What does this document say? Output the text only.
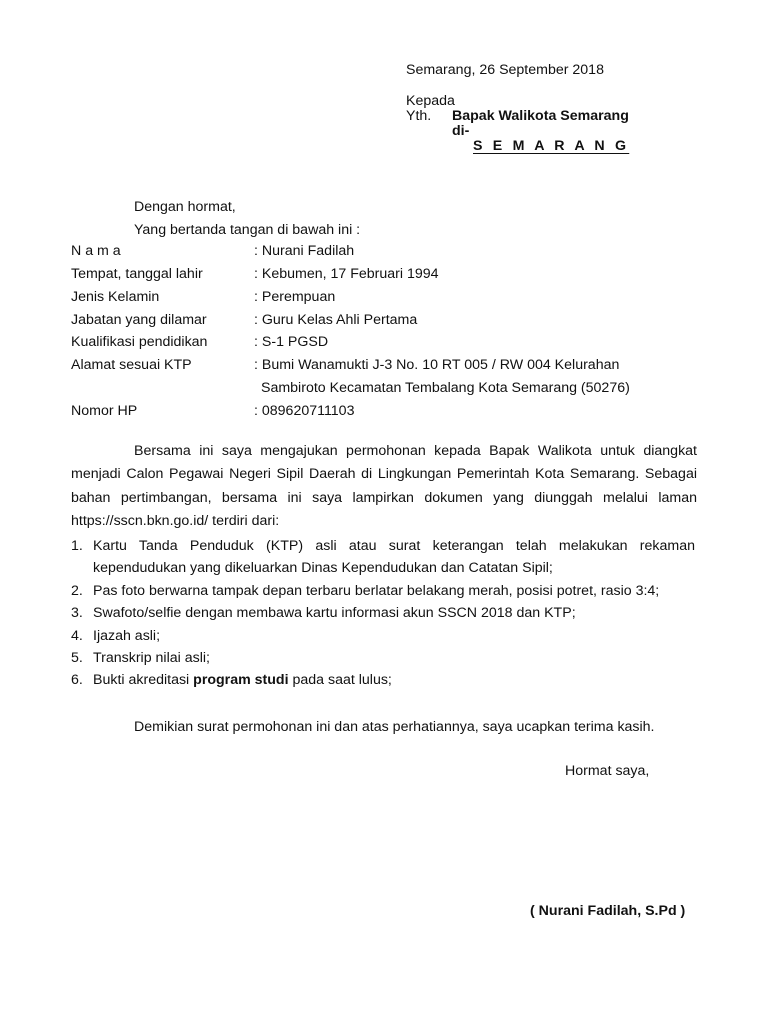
Semarang, 26 September 2018
Kepada
Yth. Bapak Walikota Semarang
di-
S E M A R A N G
Dengan hormat,
Yang bertanda tangan di bawah ini :
N a m a	: Nurani Fadilah
Tempat, tanggal lahir	: Kebumen, 17 Februari 1994
Jenis Kelamin	: Perempuan
Jabatan yang dilamar	: Guru Kelas Ahli Pertama
Kualifikasi pendidikan	: S-1 PGSD
Alamat sesuai KTP	: Bumi Wanamukti J-3 No. 10 RT 005 / RW 004 Kelurahan
Sambiroto Kecamatan Tembalang Kota Semarang (50276)
Nomor HP	: 089620711103
Bersama ini saya mengajukan permohonan kepada Bapak Walikota untuk diangkat menjadi Calon Pegawai Negeri Sipil Daerah di Lingkungan Pemerintah Kota Semarang. Sebagai bahan pertimbangan, bersama ini saya lampirkan dokumen yang diunggah melalui laman https://sscn.bkn.go.id/ terdiri dari:
1. Kartu Tanda Penduduk (KTP) asli atau surat keterangan telah melakukan rekaman kependudukan yang dikeluarkan Dinas Kependudukan dan Catatan Sipil;
2. Pas foto berwarna tampak depan terbaru berlatar belakang merah, posisi potret, rasio 3:4;
3. Swafoto/selfie dengan membawa kartu informasi akun SSCN 2018 dan KTP;
4. Ijazah asli;
5. Transkrip nilai asli;
6. Bukti akreditasi program studi pada saat lulus;
Demikian surat permohonan ini dan atas perhatiannya, saya ucapkan terima kasih.
Hormat saya,
( Nurani Fadilah, S.Pd )
